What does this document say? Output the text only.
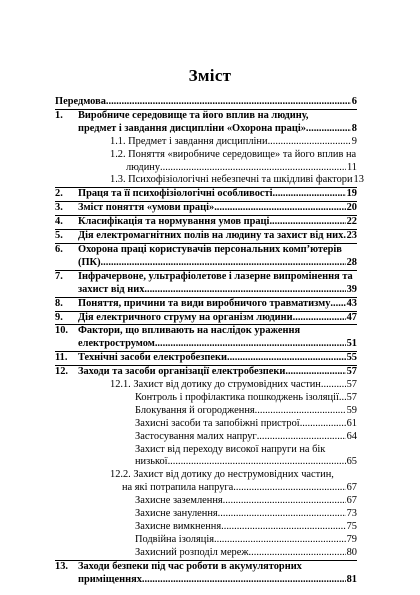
Зміст
Передмова .....	6
1. Виробниче середовище та його вплив на людину,
предмет і завдання дисципліни «Охорона праці» .....	8
1.1. Предмет і завдання дисципліни .....	9
1.2. Поняття «виробниче середовище» та його вплив на
людину .....	11
1.3. Психофізіологічні небезпечні та шкідливі фактори 13
2. Праця та її психофізіологічні особливості .....	19
3. Зміст поняття «умови праці» .....	20
4. Класифікація та нормування умов праці .....	22
5. Дія електромагнітних полів на людину та захист від них ..... 23
6. Охорона праці користувачів персональних комп’ютерів
(ПК) .....	28
7. Інфрачервоне, ультрафіолетове і лазерне випромінення та
захист від них .....	39
8. Поняття, причини та види виробничого травматизму ..... 43
9. Дія електричного струму на організм людини .....	47
10. Фактори, що впливають на наслідок ураження
електрострумом .....	51
11. Технічні засоби електробезпеки .....	55
12. Заходи та засоби організації електробезпеки .....	57
12.1. Захист від дотику до струмовідних частин ..... 57
Контроль і профілактика пошкоджень ізоляції ..... 57
Блокування й огородження .....	59
Захисні засоби та запобіжні пристрої .....	61
Застосування малих напруг .....	64
Захист від переходу високої напруги на бік
низької .....	65
12.2. Захист від дотику до неструмовідних частин,
на які потрапила напруга .....	67
Захисне заземлення .....	67
Захисне занулення .....	73
Захисне вимкнення .....	75
Подвійна ізоляція .....	79
Захисний розподіл мереж .....	80
13. Заходи безпеки під час роботи в акумуляторних
приміщеннях .....	81
